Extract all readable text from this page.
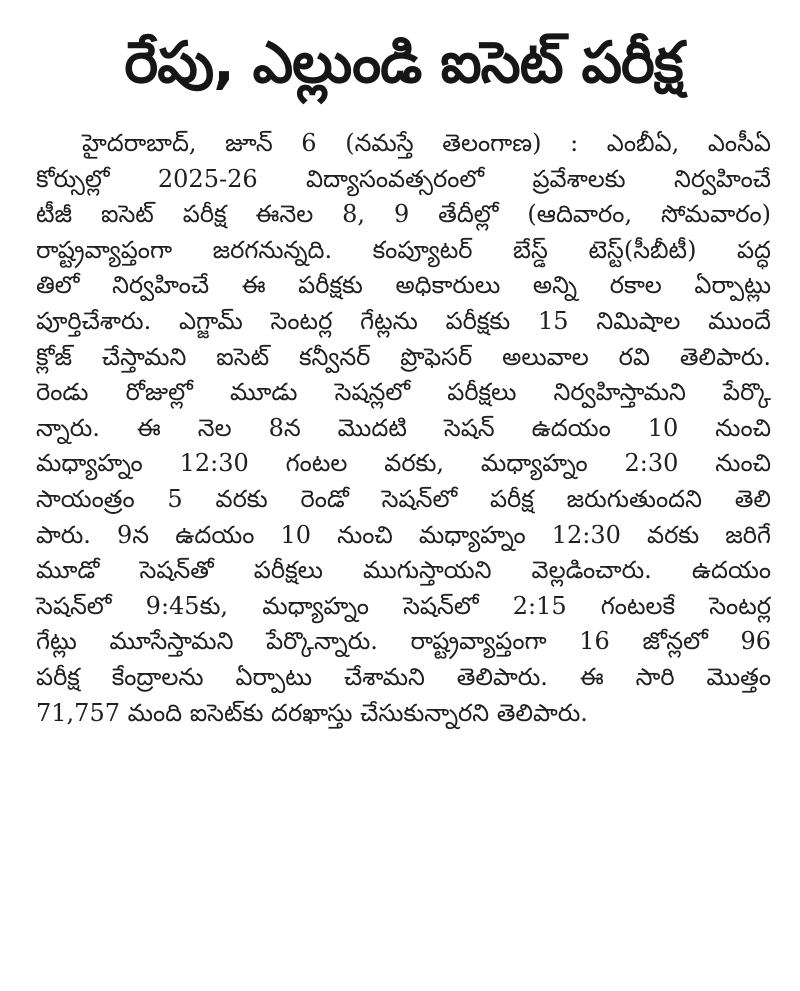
రేపు, ఎల్లుండి ఐసెట్ పరీక్ష
హైదరాబాద్, జూన్ 6 (నమస్తే తెలంగాణ) : ఎంబీఏ, ఎంసీఏ
కోర్సుల్లో 2025-26 విద్యాసంవత్సరంలో ప్రవేశాలకు నిర్వహించే
టీజీ ఐసెట్ పరీక్ష ఈనెల 8, 9 తేదీల్లో (ఆదివారం, సోమవారం)
రాష్ట్రవ్యాప్తంగా జరగనున్నది. కంప్యూటర్ బేస్డ్ టెస్ట్(సీబీటీ) పద్ధ
తిలో నిర్వహించే ఈ పరీక్షకు అధికారులు అన్ని రకాల ఏర్పాట్లు
పూర్తిచేశారు. ఎగ్జామ్ సెంటర్ల గేట్లను పరీక్షకు 15 నిమిషాల ముందే
క్లోజ్ చేస్తామని ఐసెట్ కన్వీనర్ ప్రొఫెసర్ అలువాల రవి తెలిపారు.
రెండు రోజుల్లో మూడు సెషన్లలో పరీక్షలు నిర్వహిస్తామని పేర్కొ
న్నారు. ఈ నెల 8న మొదటి సెషన్ ఉదయం 10 నుంచి
మధ్యాహ్నం 12:30 గంటల వరకు, మధ్యాహ్నం 2:30 నుంచి
సాయంత్రం 5 వరకు రెండో సెషన్‌లో పరీక్ష జరుగుతుందని తెలి
పారు. 9న ఉదయం 10 నుంచి మధ్యాహ్నం 12:30 వరకు జరిగే
మూడో సెషన్‌తో పరీక్షలు ముగుస్తాయని వెల్లడించారు. ఉదయం
సెషన్‌లో 9:45కు, మధ్యాహ్నం సెషన్‌లో 2:15 గంటలకే సెంటర్ల
గేట్లు మూసేస్తామని పేర్కొన్నారు. రాష్ట్రవ్యాప్తంగా 16 జోన్లలో 96
పరీక్ష కేంద్రాలను ఏర్పాటు చేశామని తెలిపారు. ఈ సారి మొత్తం
71,757 మంది ఐసెట్‌కు దరఖాస్తు చేసుకున్నారని తెలిపారు.
